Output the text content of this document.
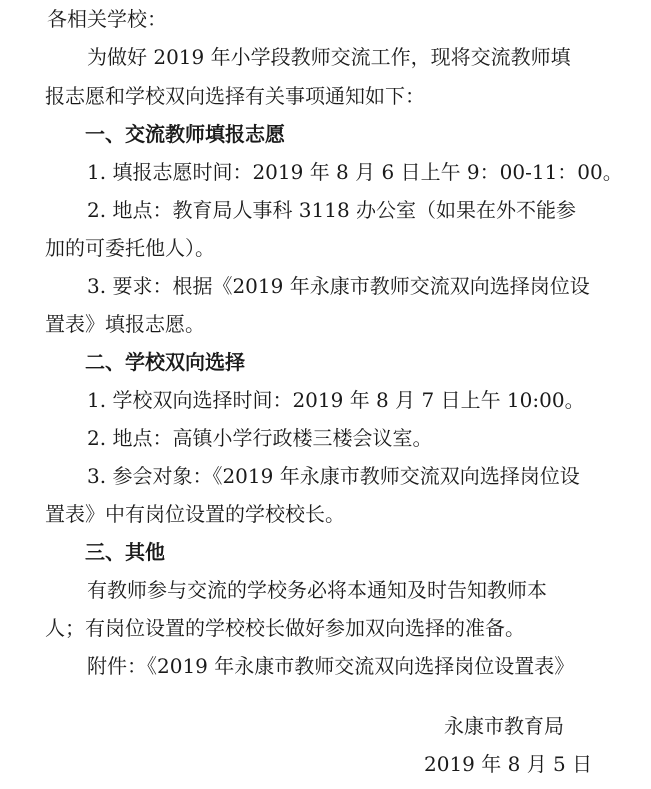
各相关学校：
为做好 2019 年小学段教师交流工作，现将交流教师填
报志愿和学校双向选择有关事项通知如下：
一、交流教师填报志愿
1. 填报志愿时间：2019 年 8 月 6 日上午 9：00-11：00。
2. 地点：教育局人事科 3118 办公室（如果在外不能参
加的可委托他人）。
3. 要求：根据《2019 年永康市教师交流双向选择岗位设
置表》填报志愿。
二、学校双向选择
1. 学校双向选择时间：2019 年 8 月 7 日上午 10:00。
2. 地点：高镇小学行政楼三楼会议室。
3. 参会对象：《2019 年永康市教师交流双向选择岗位设
置表》中有岗位设置的学校校长。
三、其他
有教师参与交流的学校务必将本通知及时告知教师本
人；有岗位设置的学校校长做好参加双向选择的准备。
附件：《2019 年永康市教师交流双向选择岗位设置表》
永康市教育局
2019 年 8 月 5 日
